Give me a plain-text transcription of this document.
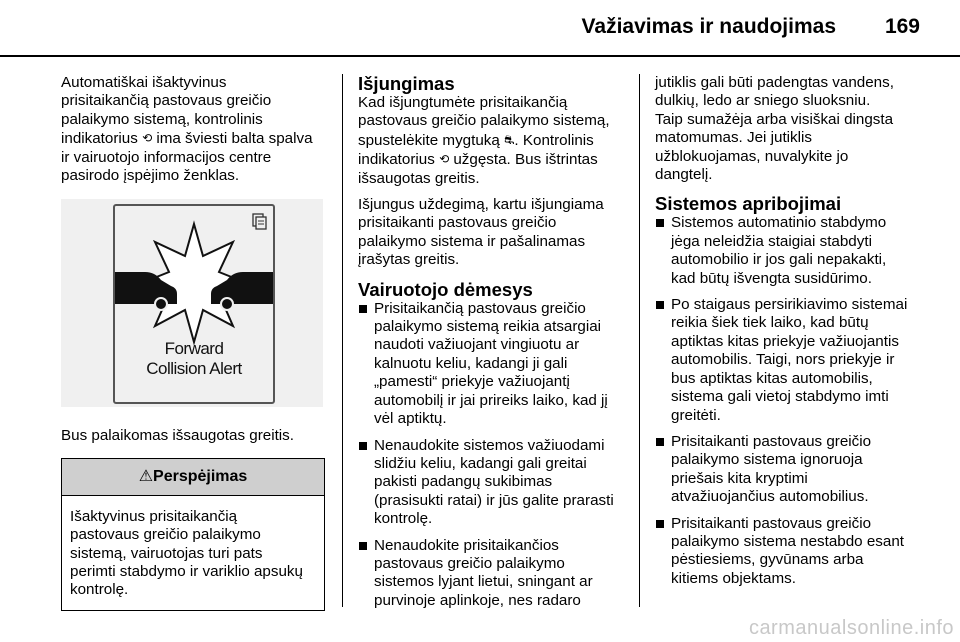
Važiavimas ir naudojimas 169

Automatiškai išaktyvinus
prisitaikančią pastovaus greičio
palaikymo sistemą, kontrolinis
indikatorius ⟲ ima šviesti balta spalva
ir vairuotojo informacijos centre
pasirodo įspėjimo ženklas.

Forward
Collision Alert

Bus palaikomas išsaugotas greitis.

⚠Perspėjimas
Išaktyvinus prisitaikančią
pastovaus greičio palaikymo
sistemą, vairuotojas turi pats
perimti stabdymo ir variklio apsukų
kontrolę.
Išjungimas

Kad išjungtumėte prisitaikančią
pastovaus greičio palaikymo sistemą,
spustelėkite mygtuką ⛐. Kontrolinis
indikatorius ⟲ užgęsta. Bus ištrintas
išsaugotas greitis.

Išjungus uždegimą, kartu išjungiama
prisitaikanti pastovaus greičio
palaikymo sistema ir pašalinamas
įrašytas greitis.

Vairuotojo dėmesys
Prisitaikančią pastovaus greičio
palaikymo sistemą reikia atsargiai
naudoti važiuojant vingiuotu ar
kalnuotu keliu, kadangi ji gali
„pamesti“ priekyje važiuojantį
automobilį ir jai prireiks laiko, kad jį
vėl aptiktų.
Nenaudokite sistemos važiuodami
slidžiu keliu, kadangi gali greitai
pakisti padangų sukibimas
(prasisukti ratai) ir jūs galite prarasti
kontrolę.
Nenaudokite prisitaikančios
pastovaus greičio palaikymo
sistemos lyjant lietui, sningant ar
purvinoje aplinkoje, nes radaro

jutiklis gali būti padengtas vandens,
dulkių, ledo ar sniego sluoksniu.
Taip sumažėja arba visiškai dingsta
matomumas. Jei jutiklis
užblokuojamas, nuvalykite jo
dangtelį.

Sistemos apribojimai
Sistemos automatinio stabdymo
jėga neleidžia staigiai stabdyti
automobilio ir jos gali nepakakti,
kad būtų išvengta susidūrimo.
Po staigaus persirikiavimo sistemai
reikia šiek tiek laiko, kad būtų
aptiktas kitas priekyje važiuojantis
automobilis. Taigi, nors priekyje ir
bus aptiktas kitas automobilis,
sistema gali vietoj stabdymo imti
greitėti.
Prisitaikanti pastovaus greičio
palaikymo sistema ignoruoja
priešais kita kryptimi
atvažiuojančius automobilius.
Prisitaikanti pastovaus greičio
palaikymo sistema nestabdo esant
pėstiesiems, gyvūnams arba
kitiems objektams.
carmanualsonline.info
